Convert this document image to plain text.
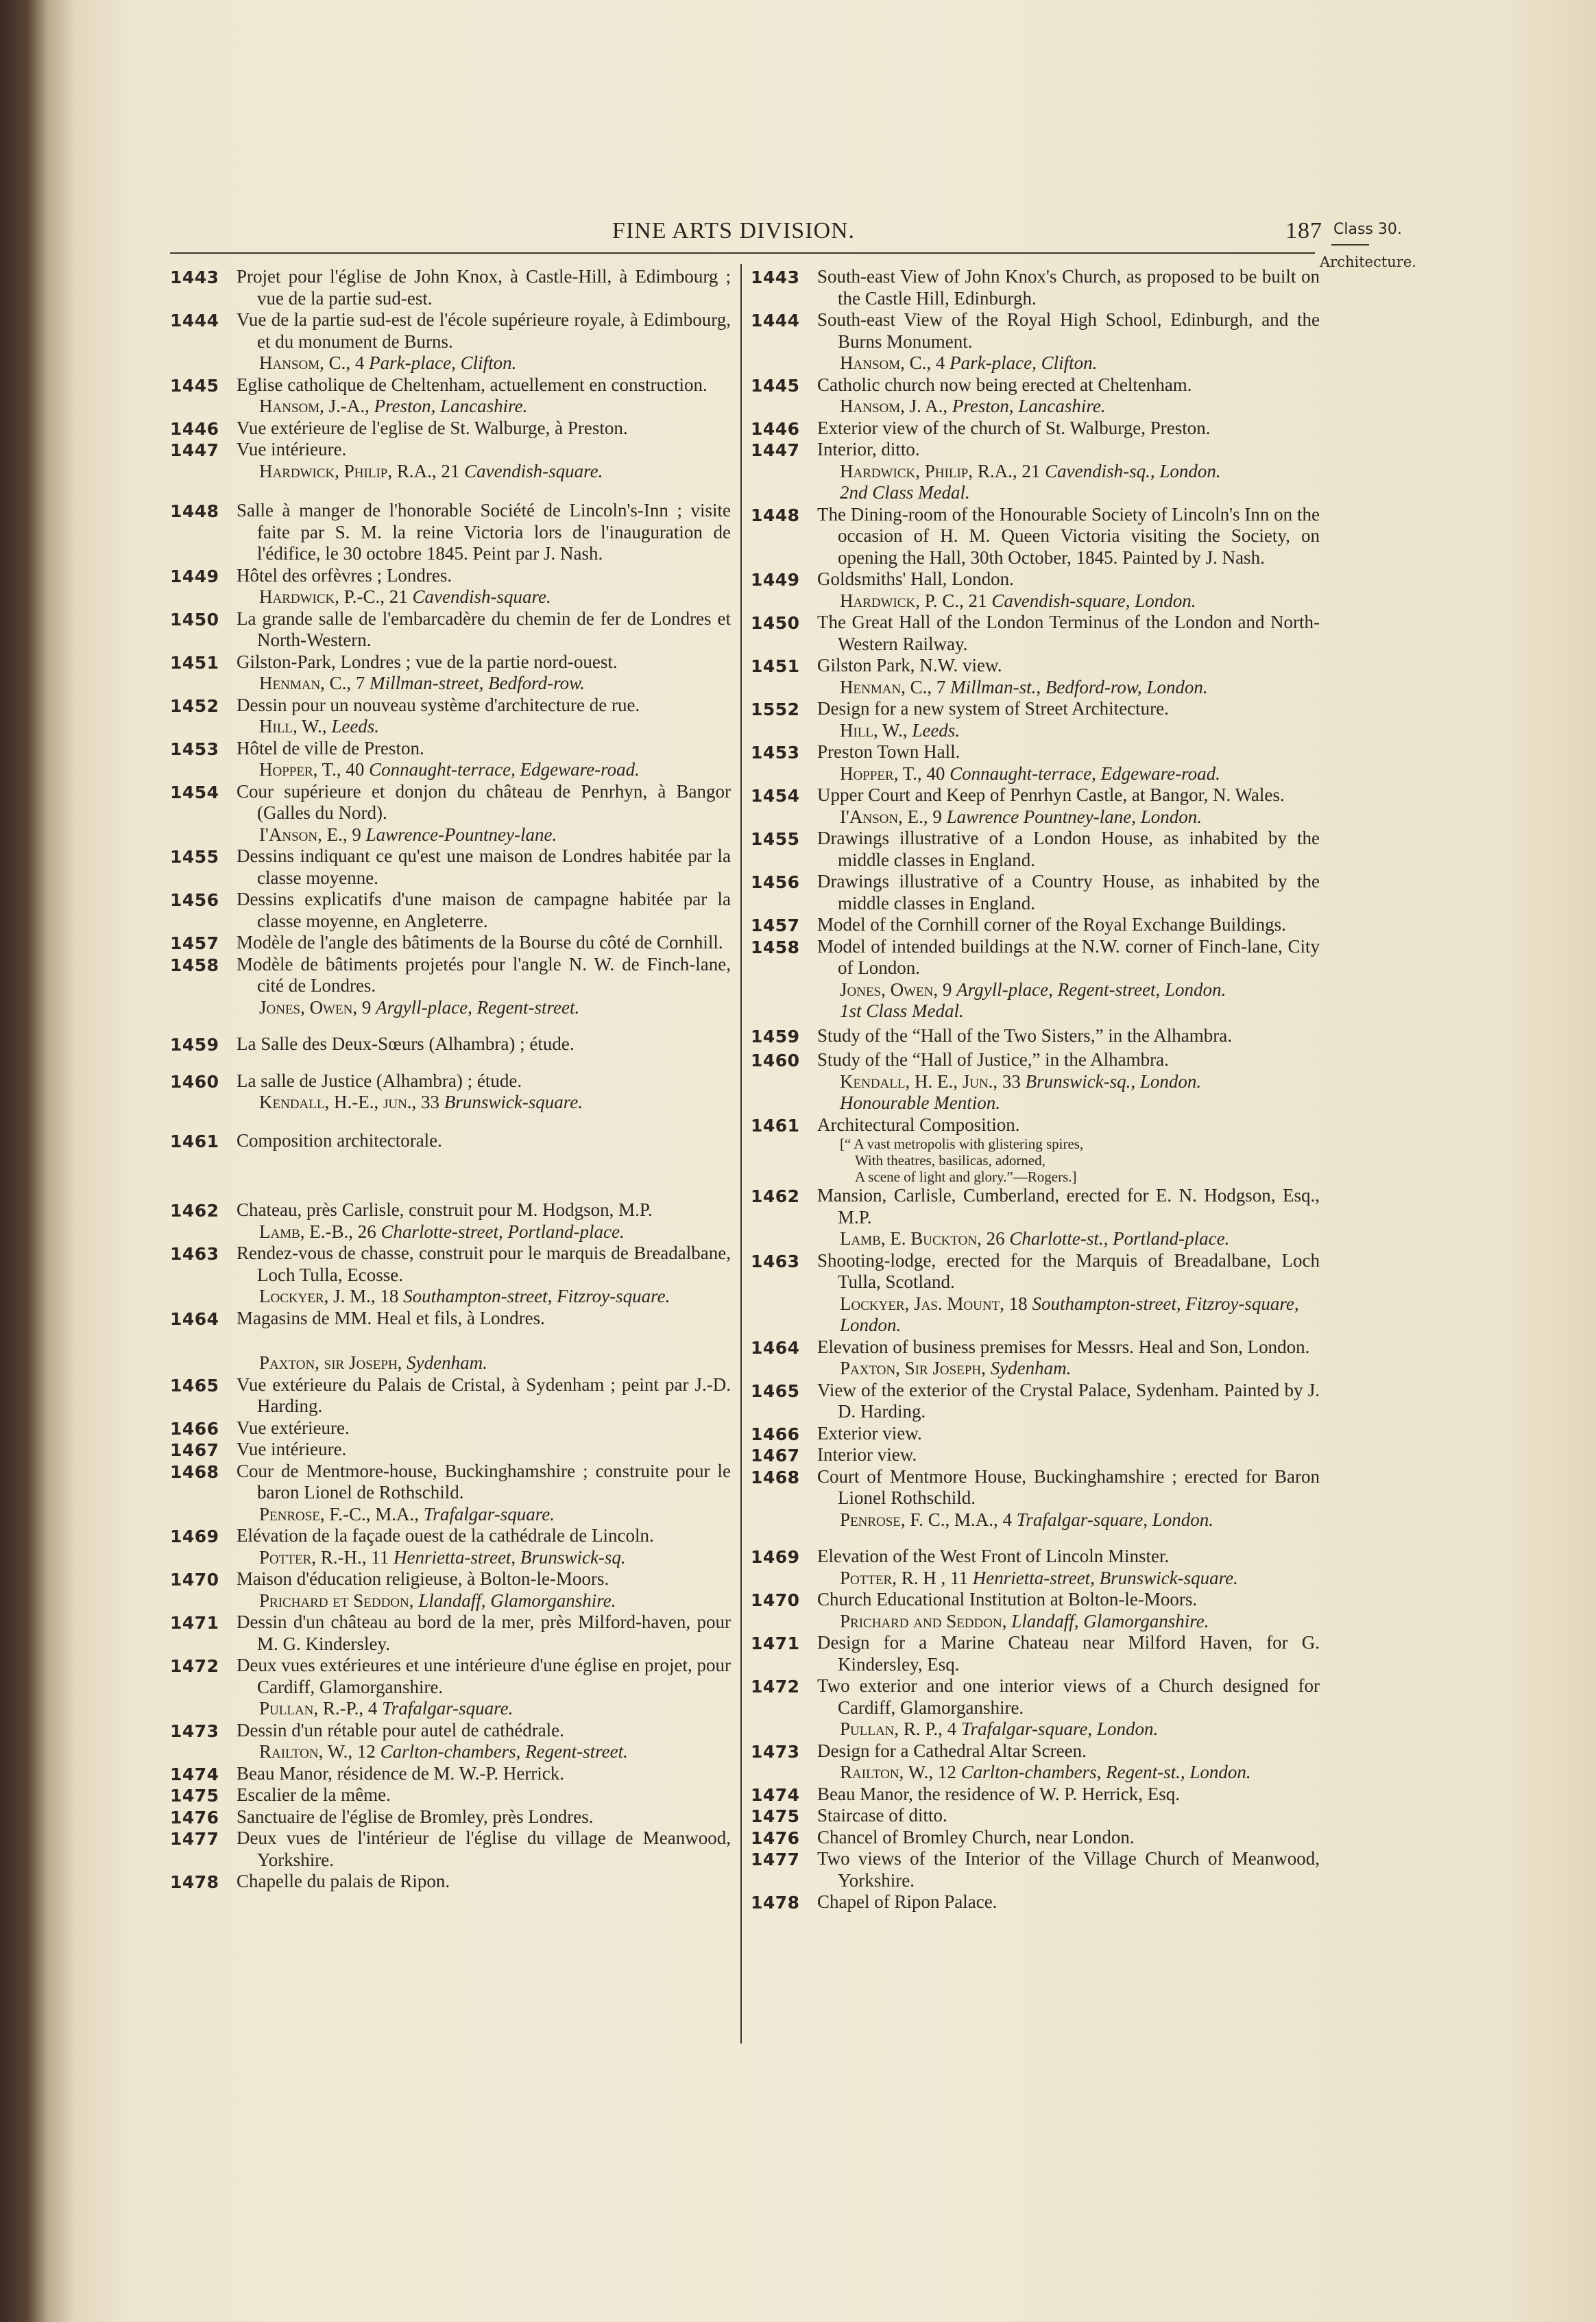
FINE ARTS DIVISION.	187 Class 30.
Architecture.
1443 Projet pour l'église de John Knox, à Castle-Hill, à Edimbourg ; vue de la partie sud-est.
1444 Vue de la partie sud-est de l'école supérieure royale, à Edimbourg, et du monument de Burns.
Hansom, C., 4 Park-place, Clifton.
1445 Eglise catholique de Cheltenham, actuellement en construction.
Hansom, J.-A., Preston, Lancashire.
1446 Vue extérieure de l'eglise de St. Walburge, à Preston.
1447 Vue intérieure.
Hardwick, Philip, R.A., 21 Cavendish-square.
1448 Salle à manger de l'honorable Société de Lincoln's-Inn ; visite faite par S. M. la reine Victoria lors de l'inauguration de l'édifice, le 30 octobre 1845. Peint par J. Nash.
1449 Hôtel des orfèvres ; Londres.
Hardwick, P.-C., 21 Cavendish-square.
1450 La grande salle de l'embarcadère du chemin de fer de Londres et North-Western.
1451 Gilston-Park, Londres ; vue de la partie nord-ouest.
Henman, C., 7 Millman-street, Bedford-row.
1452 Dessin pour un nouveau système d'architecture de rue.
Hill, W., Leeds.
1453 Hôtel de ville de Preston.
Hopper, T., 40 Connaught-terrace, Edgeware-road.
1454 Cour supérieure et donjon du château de Penrhyn, à Bangor (Galles du Nord).
I'Anson, E., 9 Lawrence-Pountney-lane.
1455 Dessins indiquant ce qu'est une maison de Londres habitée par la classe moyenne.
1456 Dessins explicatifs d'une maison de campagne habitée par la classe moyenne, en Angleterre.
1457 Modèle de l'angle des bâtiments de la Bourse du côté de Cornhill.
1458 Modèle de bâtiments projetés pour l'angle N. W. de Finch-lane, cité de Londres.
Jones, Owen, 9 Argyll-place, Regent-street.
1459 La Salle des Deux-Sœurs (Alhambra) ; étude.
1460 La salle de Justice (Alhambra) ; étude.
Kendall, H.-E., jun., 33 Brunswick-square.
1461 Composition architectorale.
1462 Chateau, près Carlisle, construit pour M. Hodgson, M.P.
Lamb, E.-B., 26 Charlotte-street, Portland-place.
1463 Rendez-vous de chasse, construit pour le marquis de Breadalbane, Loch Tulla, Ecosse.
Lockyer, J. M., 18 Southampton-street, Fitzroy-square.
1464 Magasins de MM. Heal et fils, à Londres.
Paxton, sir Joseph, Sydenham.
1465 Vue extérieure du Palais de Cristal, à Sydenham ; peint par J.-D. Harding.
1466 Vue extérieure.
1467 Vue intérieure.
1468 Cour de Mentmore-house, Buckinghamshire ; construite pour le baron Lionel de Rothschild.
Penrose, F.-C., M.A., Trafalgar-square.
1469 Elévation de la façade ouest de la cathédrale de Lincoln.
Potter, R.-H., 11 Henrietta-street, Brunswick-sq.
1470 Maison d'éducation religieuse, à Bolton-le-Moors.
Prichard et Seddon, Llandaff, Glamorganshire.
1471 Dessin d'un château au bord de la mer, près Milford-haven, pour M. G. Kindersley.
1472 Deux vues extérieures et une intérieure d'une église en projet, pour Cardiff, Glamorganshire.
Pullan, R.-P., 4 Trafalgar-square.
1473 Dessin d'un rétable pour autel de cathédrale.
Railton, W., 12 Carlton-chambers, Regent-street.
1474 Beau Manor, résidence de M. W.-P. Herrick.
1475 Escalier de la même.
1476 Sanctuaire de l'église de Bromley, près Londres.
1477 Deux vues de l'intérieur de l'église du village de Meanwood, Yorkshire.
1478 Chapelle du palais de Ripon.
1443 South-east View of John Knox's Church, as proposed to be built on the Castle Hill, Edinburgh.
1444 South-east View of the Royal High School, Edinburgh, and the Burns Monument.
Hansom, C., 4 Park-place, Clifton.
1445 Catholic church now being erected at Cheltenham.
Hansom, J. A., Preston, Lancashire.
1446 Exterior view of the church of St. Walburge, Preston.
1447 Interior, ditto.
Hardwick, Philip, R.A., 21 Cavendish-sq., London.
2nd Class Medal.
1448 The Dining-room of the Honourable Society of Lincoln's Inn on the occasion of H. M. Queen Victoria visiting the Society, on opening the Hall, 30th October, 1845. Painted by J. Nash.
1449 Goldsmiths' Hall, London.
Hardwick, P. C., 21 Cavendish-square, London.
1450 The Great Hall of the London Terminus of the London and North-Western Railway.
1451 Gilston Park, N.W. view.
Henman, C., 7 Millman-st., Bedford-row, London.
1552 Design for a new system of Street Architecture.
Hill, W., Leeds.
1453 Preston Town Hall.
Hopper, T., 40 Connaught-terrace, Edgeware-road.
1454 Upper Court and Keep of Penrhyn Castle, at Bangor, N. Wales.
I'Anson, E., 9 Lawrence Pountney-lane, London.
1455 Drawings illustrative of a London House, as inhabited by the middle classes in England.
1456 Drawings illustrative of a Country House, as inhabited by the middle classes in England.
1457 Model of the Cornhill corner of the Royal Exchange Buildings.
1458 Model of intended buildings at the N.W. corner of Finch-lane, City of London.
Jones, Owen, 9 Argyll-place, Regent-street, London.
1st Class Medal.
1459 Study of the “Hall of the Two Sisters,” in the Alhambra.
1460 Study of the “Hall of Justice,” in the Alhambra.
Kendall, H. E., Jun., 33 Brunswick-sq., London.
Honourable Mention.
1461 Architectural Composition.
[“ A vast metropolis with glistering spires,
With theatres, basilicas, adorned,
A scene of light and glory.”—Rogers.]
1462 Mansion, Carlisle, Cumberland, erected for E. N. Hodgson, Esq., M.P.
Lamb, E. Buckton, 26 Charlotte-st., Portland-place.
1463 Shooting-lodge, erected for the Marquis of Breadalbane, Loch Tulla, Scotland.
Lockyer, Jas. Mount, 18 Southampton-street, Fitzroy-square, London.
1464 Elevation of business premises for Messrs. Heal and Son, London.
Paxton, Sir Joseph, Sydenham.
1465 View of the exterior of the Crystal Palace, Sydenham. Painted by J. D. Harding.
1466 Exterior view.
1467 Interior view.
1468 Court of Mentmore House, Buckinghamshire ; erected for Baron Lionel Rothschild.
Penrose, F. C., M.A., 4 Trafalgar-square, London.
1469 Elevation of the West Front of Lincoln Minster.
Potter, R. H , 11 Henrietta-street, Brunswick-square.
1470 Church Educational Institution at Bolton-le-Moors.
Prichard and Seddon, Llandaff, Glamorganshire.
1471 Design for a Marine Chateau near Milford Haven, for G. Kindersley, Esq.
1472 Two exterior and one interior views of a Church designed for Cardiff, Glamorganshire.
Pullan, R. P., 4 Trafalgar-square, London.
1473 Design for a Cathedral Altar Screen.
Railton, W., 12 Carlton-chambers, Regent-st., London.
1474 Beau Manor, the residence of W. P. Herrick, Esq.
1475 Staircase of ditto.
1476 Chancel of Bromley Church, near London.
1477 Two views of the Interior of the Village Church of Meanwood, Yorkshire.
1478 Chapel of Ripon Palace.
